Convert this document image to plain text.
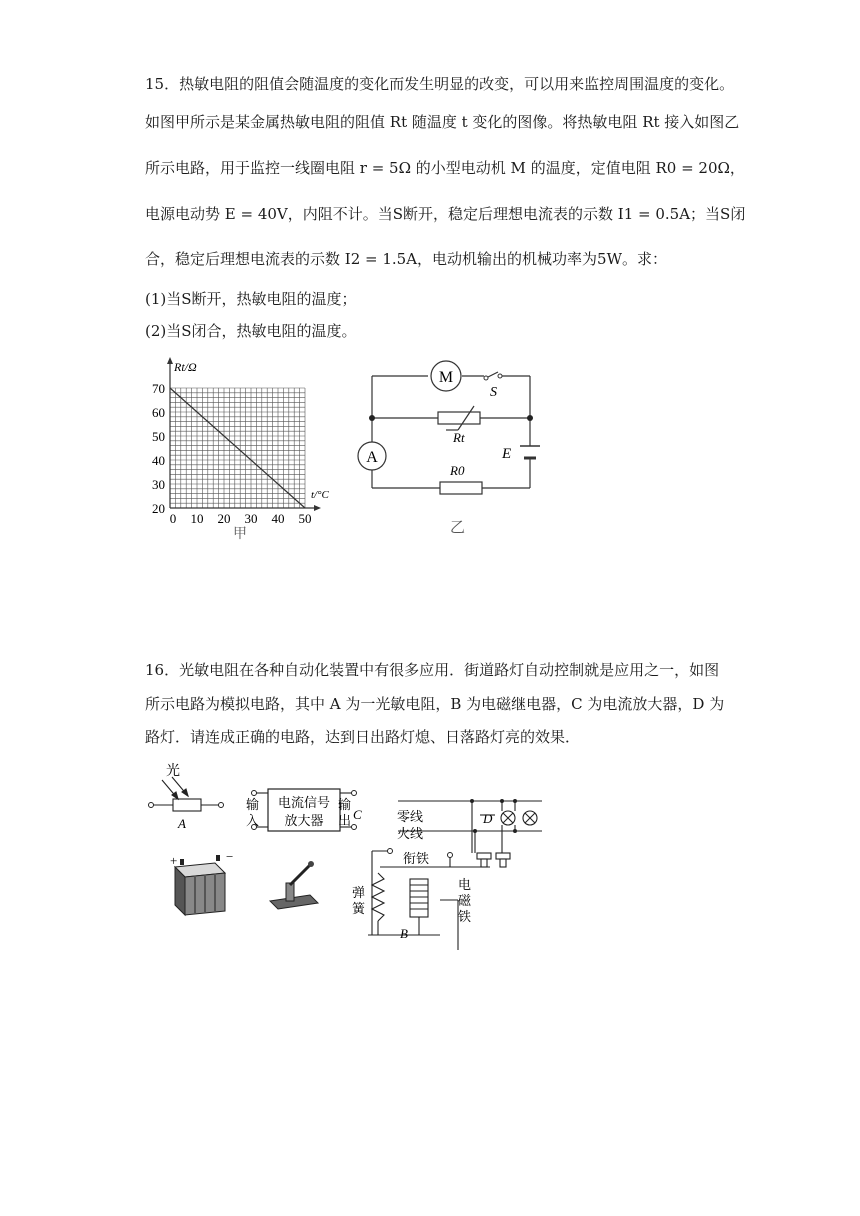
15．热敏电阻的阻值会随温度的变化而发生明显的改变，可以用来监控周围温度的变化。
如图甲所示是某金属热敏电阻的阻值 Rt 随温度 t 变化的图像。将热敏电阻 Rt 接入如图乙
所示电路，用于监控一线圈电阻 r = 5Ω 的小型电动机 M 的温度，定值电阻 R0 = 20Ω，
电源电动势 E = 40V，内阻不计。当S断开，稳定后理想电流表的示数 I1 = 0.5A；当S闭
合，稳定后理想电流表的示数 I2 = 1.5A，电动机输出的机械功率为5W。求：
(1)当S断开，热敏电阻的温度；
(2)当S闭合，热敏电阻的温度。
Rt/Ω
t/°C
70
60
50
40
30
20
0 10 20 30 40 50
甲
M
S
A
Rt
R0
E
乙
16．光敏电阻在各种自动化装置中有很多应用．街道路灯自动控制就是应用之一，如图
所示电路为模拟电路，其中 A 为一光敏电阻，B 为电磁继电器，C 为电流放大器，D 为
路灯．请连成正确的电路，达到日出路灯熄、日落路灯亮的效果．
光
A
电流信号
放大器
输
入
输
出 C	D
零线
火线
衔铁
弹
簧
电
磁
铁
B
+	−
